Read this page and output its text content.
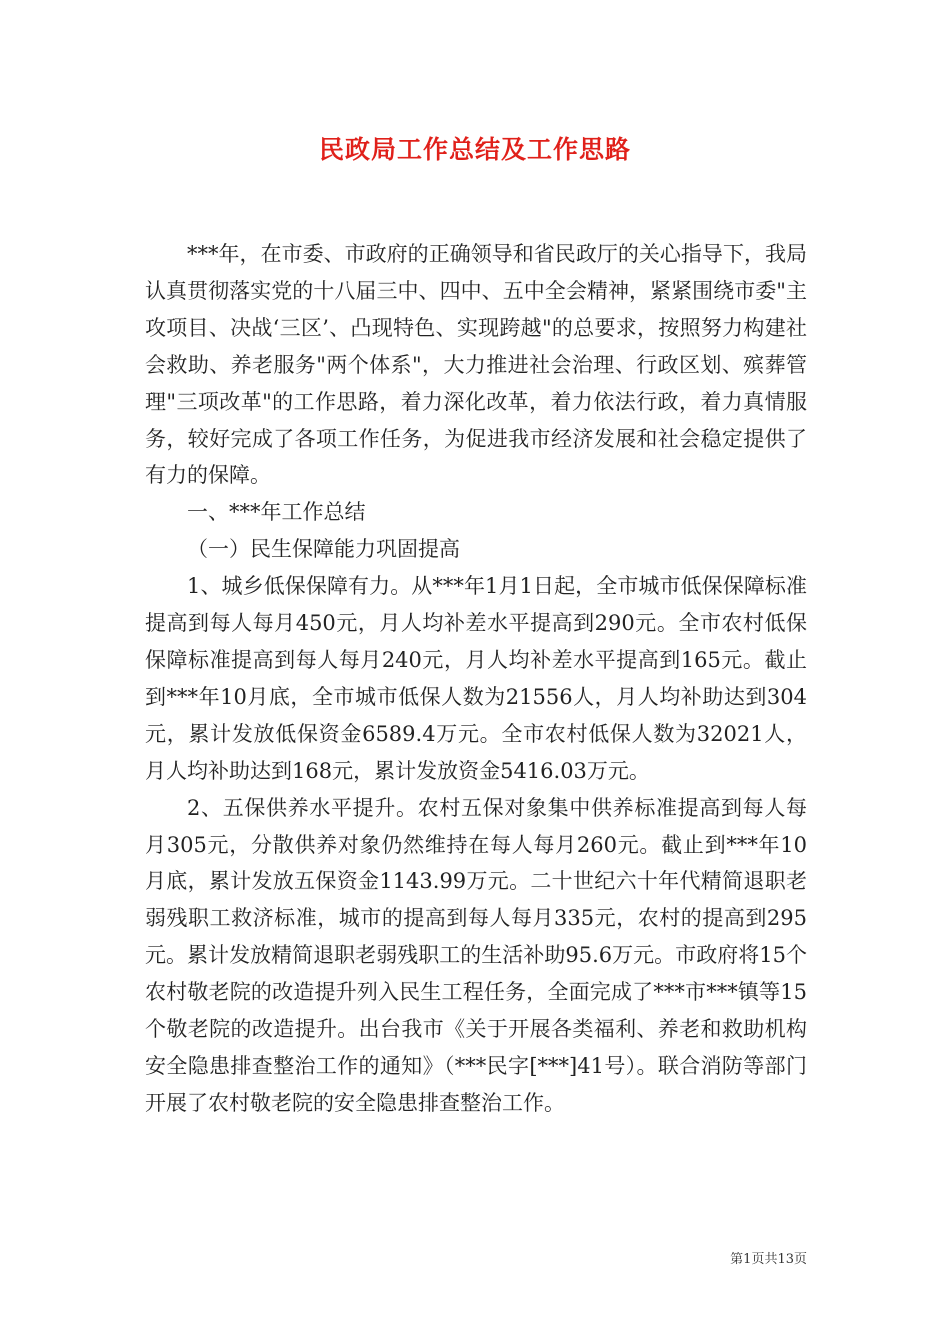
民政局工作总结及工作思路

***年，在市委、市政府的正确领导和省民政厅的关心指导下，我局认真贯彻落实党的十八届三中、四中、五中全会精神，紧紧围绕市委"主攻项目、决战‘三区’、凸现特色、实现跨越"的总要求，按照努力构建社会救助、养老服务"两个体系"，大力推进社会治理、行政区划、殡葬管理"三项改革"的工作思路，着力深化改革，着力依法行政，着力真情服务，较好完成了各项工作任务，为促进我市经济发展和社会稳定提供了有力的保障。

一、***年工作总结

（一）民生保障能力巩固提高

1、城乡低保保障有力。从***年1月1日起，全市城市低保保障标准提高到每人每月450元，月人均补差水平提高到290元。全市农村低保保障标准提高到每人每月240元，月人均补差水平提高到165元。截止到***年10月底，全市城市低保人数为21556人，月人均补助达到304元，累计发放低保资金6589.4万元。全市农村低保人数为32021人，月人均补助达到168元，累计发放资金5416.03万元。

2、五保供养水平提升。农村五保对象集中供养标准提高到每人每月305元，分散供养对象仍然维持在每人每月260元。截止到***年10月底，累计发放五保资金1143.99万元。二十世纪六十年代精简退职老弱残职工救济标准，城市的提高到每人每月335元，农村的提高到295元。累计发放精简退职老弱残职工的生活补助95.6万元。市政府将15个农村敬老院的改造提升列入民生工程任务，全面完成了***市***镇等15个敬老院的改造提升。出台我市《关于开展各类福利、养老和救助机构安全隐患排查整治工作的通知》（***民字[***]41号）。联合消防等部门开展了农村敬老院的安全隐患排查整治工作。

第1页共13页
